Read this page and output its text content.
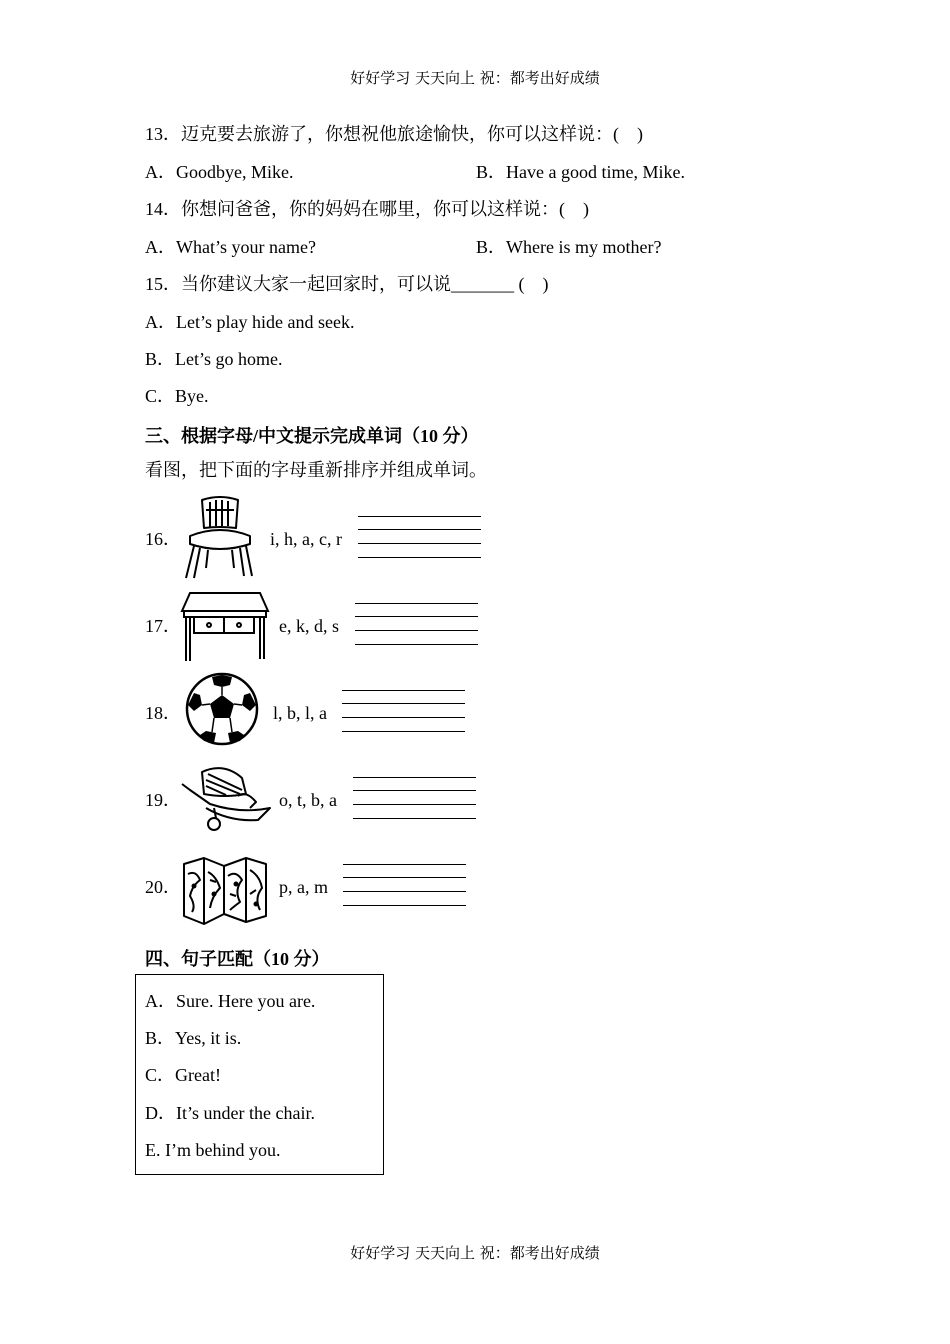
好好学习 天天向上 祝：都考出好成绩
13．迈克要去旅游了，你想祝他旅途愉快，你可以这样说：(    )
A．Goodbye, Mike.	B．Have a good time, Mike.
14．你想问爸爸，你的妈妈在哪里，你可以这样说：(    )
A．What’s your name?	B．Where is my mother?
15．当你建议大家一起回家时，可以说_______ (    )
A．Let’s play hide and seek.
B．Let’s go home.
C．Bye.
三、根据字母/中文提示完成单词（10 分）
看图，把下面的字母重新排序并组成单词。
16．	i, h, a, c, r
17．	e, k, d, s
18．	l, b, l, a
19．	o, t, b, a
20．	p, a, m
四、句子匹配（10 分）
A．Sure. Here you are.
B．Yes, it is.
C．Great!
D．It’s under the chair.
E. I’m behind you.
好好学习 天天向上 祝：都考出好成绩
